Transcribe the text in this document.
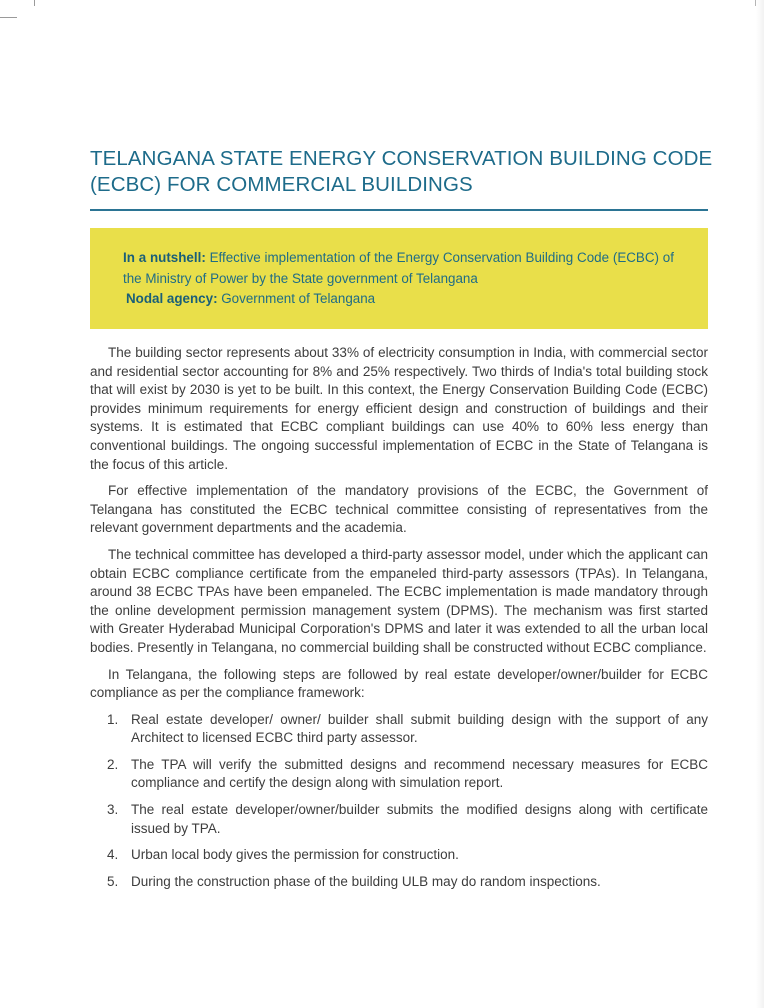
TELANGANA STATE ENERGY CONSERVATION BUILDING CODE (ECBC) FOR COMMERCIAL BUILDINGS
In a nutshell: Effective implementation of the Energy Conservation Building Code (ECBC) of the Ministry of Power by the State government of Telangana
Nodal agency: Government of Telangana

The building sector represents about 33% of electricity consumption in India, with commercial sector and residential sector accounting for 8% and 25% respectively. Two thirds of India's total building stock that will exist by 2030 is yet to be built. In this context, the Energy Conservation Building Code (ECBC) provides minimum requirements for energy efficient design and construction of buildings and their systems. It is estimated that ECBC compliant buildings can use 40% to 60% less energy than conventional buildings. The ongoing successful implementation of ECBC in the State of Telangana is the focus of this article.

For effective implementation of the mandatory provisions of the ECBC, the Government of Telangana has constituted the ECBC technical committee consisting of representatives from the relevant government departments and the academia.

The technical committee has developed a third-party assessor model, under which the applicant can obtain ECBC compliance certificate from the empaneled third-party assessors (TPAs). In Telangana, around 38 ECBC TPAs have been empaneled. The ECBC implementation is made mandatory through the online development permission management system (DPMS). The mechanism was first started with Greater Hyderabad Municipal Corporation's DPMS and later it was extended to all the urban local bodies. Presently in Telangana, no commercial building shall be constructed without ECBC compliance.

In Telangana, the following steps are followed by real estate developer/owner/builder for ECBC compliance as per the compliance framework:

1. Real estate developer/ owner/ builder shall submit building design with the support of any Architect to licensed ECBC third party assessor.
2. The TPA will verify the submitted designs and recommend necessary measures for ECBC compliance and certify the design along with simulation report.
3. The real estate developer/owner/builder submits the modified designs along with certificate issued by TPA.
4. Urban local body gives the permission for construction.
5. During the construction phase of the building ULB may do random inspections.
